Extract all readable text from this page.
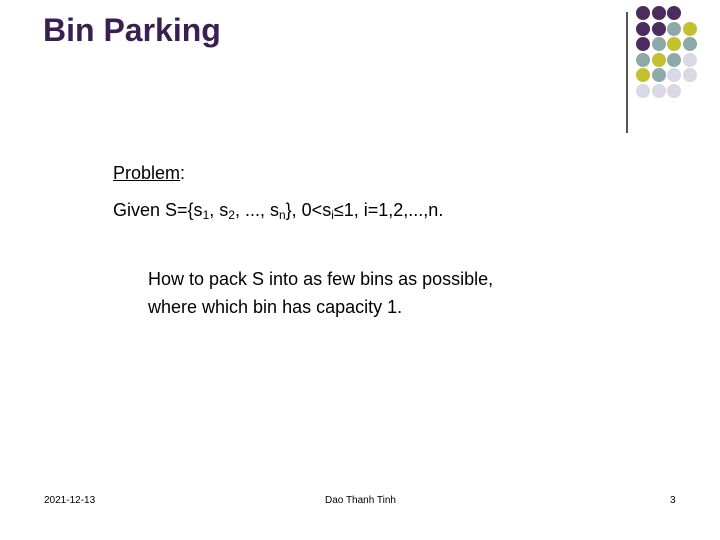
Bin Parking
Problem:
Given $S=\{s_1$, $s_2$, ..., $s_n$}, $0<s_i\le 1$, i=1,2,...,n.
How to pack S into as few bins as possible,
where which bin has capacity 1.
2021-12-13	Dao Thanh Tinh	3
